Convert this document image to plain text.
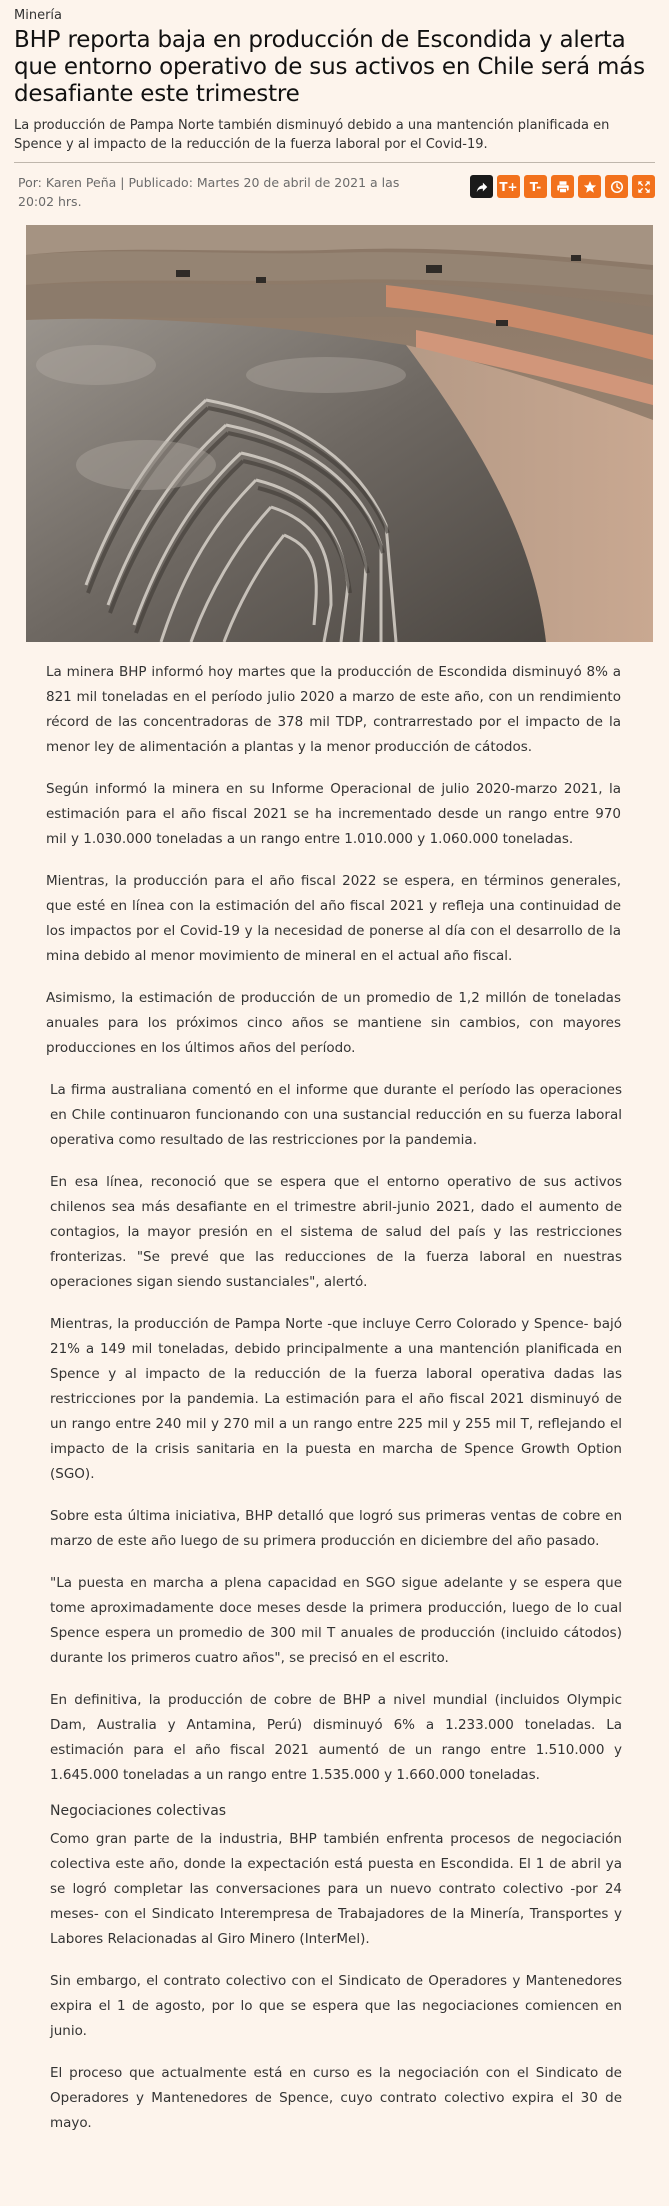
Minería
BHP reporta baja en producción de Escondida y alerta que entorno operativo de sus activos en Chile será más desafiante este trimestre
La producción de Pampa Norte también disminuyó debido a una mantención planificada en Spence y al impacto de la reducción de la fuerza laboral por el Covid-19.
Por: Karen Peña | Publicado: Martes 20 de abril de 2021 a las 20:02 hrs.
T+	T-

La minera BHP informó hoy martes que la producción de Escondida disminuyó 8% a 821 mil toneladas en el período julio 2020 a marzo de este año, con un rendimiento récord de las concentradoras de 378 mil TDP, contrarrestado por el impacto de la menor ley de alimentación a plantas y la menor producción de cátodos.

Según informó la minera en su Informe Operacional de julio 2020-marzo 2021, la estimación para el año fiscal 2021 se ha incrementado desde un rango entre 970 mil y 1.030.000 toneladas a un rango entre 1.010.000 y 1.060.000 toneladas.

Mientras, la producción para el año fiscal 2022 se espera, en términos generales, que esté en línea con la estimación del año fiscal 2021 y refleja una continuidad de los impactos por el Covid-19 y la necesidad de ponerse al día con el desarrollo de la mina debido al menor movimiento de mineral en el actual año fiscal.

Asimismo, la estimación de producción de un promedio de 1,2 millón de toneladas anuales para los próximos cinco años se mantiene sin cambios, con mayores producciones en los últimos años del período.

La firma australiana comentó en el informe que durante el período las operaciones en Chile continuaron funcionando con una sustancial reducción en su fuerza laboral operativa como resultado de las restricciones por la pandemia.

En esa línea, reconoció que se espera que el entorno operativo de sus activos chilenos sea más desafiante en el trimestre abril-junio 2021, dado el aumento de contagios, la mayor presión en el sistema de salud del país y las restricciones fronterizas. "Se prevé que las reducciones de la fuerza laboral en nuestras operaciones sigan siendo sustanciales", alertó.

Mientras, la producción de Pampa Norte -que incluye Cerro Colorado y Spence- bajó 21% a 149 mil toneladas, debido principalmente a una mantención planificada en Spence y al impacto de la reducción de la fuerza laboral operativa dadas las restricciones por la pandemia. La estimación para el año fiscal 2021 disminuyó de un rango entre 240 mil y 270 mil a un rango entre 225 mil y 255 mil T, reflejando el impacto de la crisis sanitaria en la puesta en marcha de Spence Growth Option (SGO).

Sobre esta última iniciativa, BHP detalló que logró sus primeras ventas de cobre en marzo de este año luego de su primera producción en diciembre del año pasado.

"La puesta en marcha a plena capacidad en SGO sigue adelante y se espera que tome aproximadamente doce meses desde la primera producción, luego de lo cual Spence espera un promedio de 300 mil T anuales de producción (incluido cátodos) durante los primeros cuatro años", se precisó en el escrito.

En definitiva, la producción de cobre de BHP a nivel mundial (incluidos Olympic Dam, Australia y Antamina, Perú) disminuyó 6% a 1.233.000 toneladas. La estimación para el año fiscal 2021 aumentó de un rango entre 1.510.000 y 1.645.000 toneladas a un rango entre 1.535.000 y 1.660.000 toneladas.

Negociaciones colectivas

Como gran parte de la industria, BHP también enfrenta procesos de negociación colectiva este año, donde la expectación está puesta en Escondida. El 1 de abril ya se logró completar las conversaciones para un nuevo contrato colectivo -por 24 meses- con el Sindicato Interempresa de Trabajadores de la Minería, Transportes y Labores Relacionadas al Giro Minero (InterMel).

Sin embargo, el contrato colectivo con el Sindicato de Operadores y Mantenedores expira el 1 de agosto, por lo que se espera que las negociaciones comiencen en junio.

El proceso que actualmente está en curso es la negociación con el Sindicato de Operadores y Mantenedores de Spence, cuyo contrato colectivo expira el 30 de mayo.
